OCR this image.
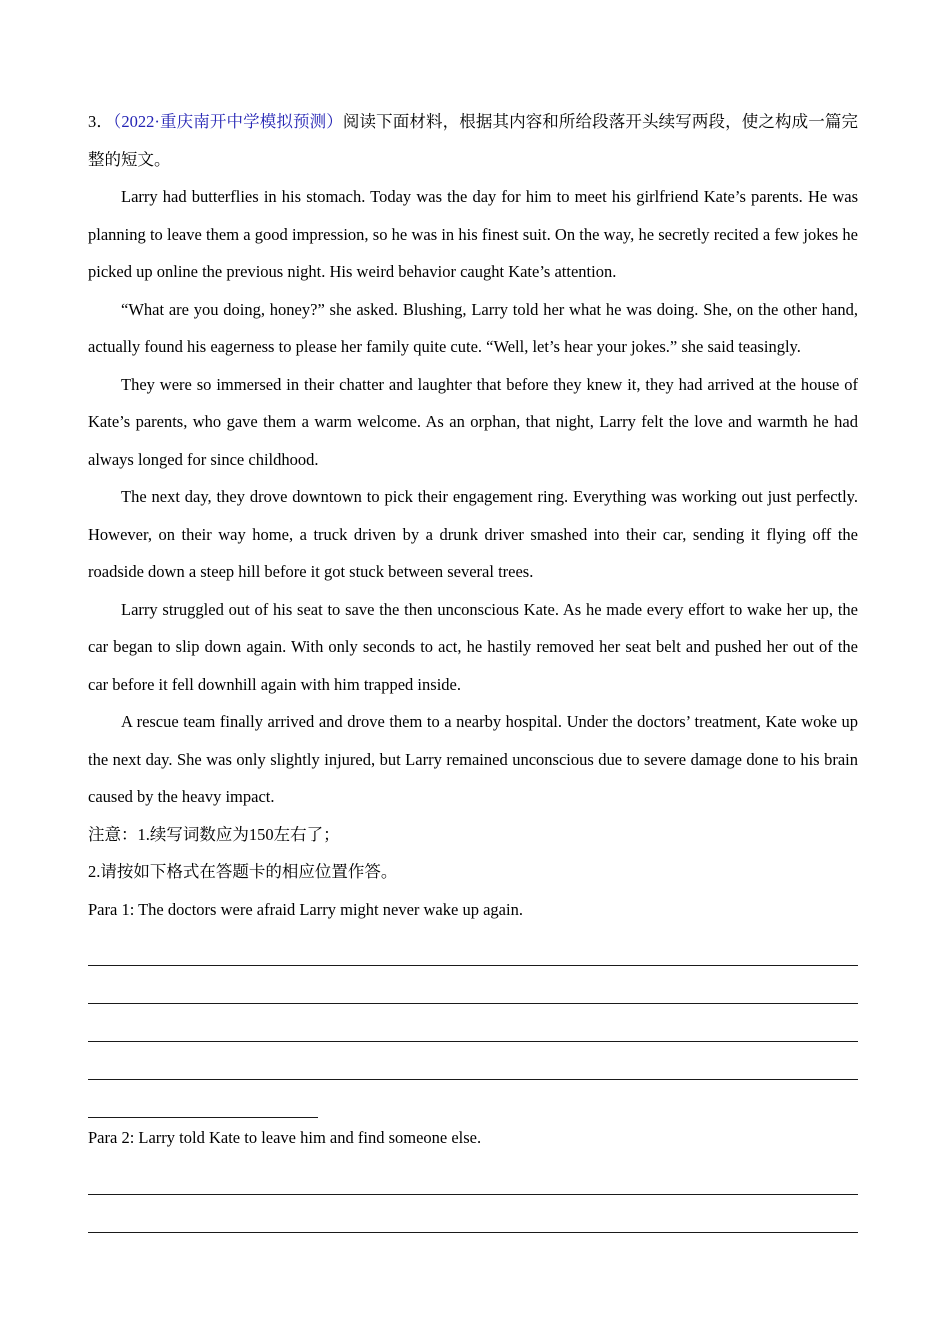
3．（2022·重庆南开中学模拟预测）阅读下面材料，根据其内容和所给段落开头续写两段，使之构成一篇完整的短文。

Larry had butterflies in his stomach. Today was the day for him to meet his girlfriend Kate’s parents. He was planning to leave them a good impression, so he was in his finest suit. On the way, he secretly recited a few jokes he picked up online the previous night. His weird behavior caught Kate’s attention.

“What are you doing, honey?” she asked. Blushing, Larry told her what he was doing. She, on the other hand, actually found his eagerness to please her family quite cute. “Well, let’s hear your jokes.” she said teasingly.

They were so immersed in their chatter and laughter that before they knew it, they had arrived at the house of Kate’s parents, who gave them a warm welcome. As an orphan, that night, Larry felt the love and warmth he had always longed for since childhood.

The next day, they drove downtown to pick their engagement ring. Everything was working out just perfectly. However, on their way home, a truck driven by a drunk driver smashed into their car, sending it flying off the roadside down a steep hill before it got stuck between several trees.

Larry struggled out of his seat to save the then unconscious Kate. As he made every effort to wake her up, the car began to slip down again. With only seconds to act, he hastily removed her seat belt and pushed her out of the car before it fell downhill again with him trapped inside.

A rescue team finally arrived and drove them to a nearby hospital. Under the doctors’ treatment, Kate woke up the next day. She was only slightly injured, but Larry remained unconscious due to severe damage done to his brain caused by the heavy impact.

注意：1.续写词数应为150左右了；

2.请按如下格式在答题卡的相应位置作答。

Para 1: The doctors were afraid Larry might never wake up again.

Para 2: Larry told Kate to leave him and find someone else.
